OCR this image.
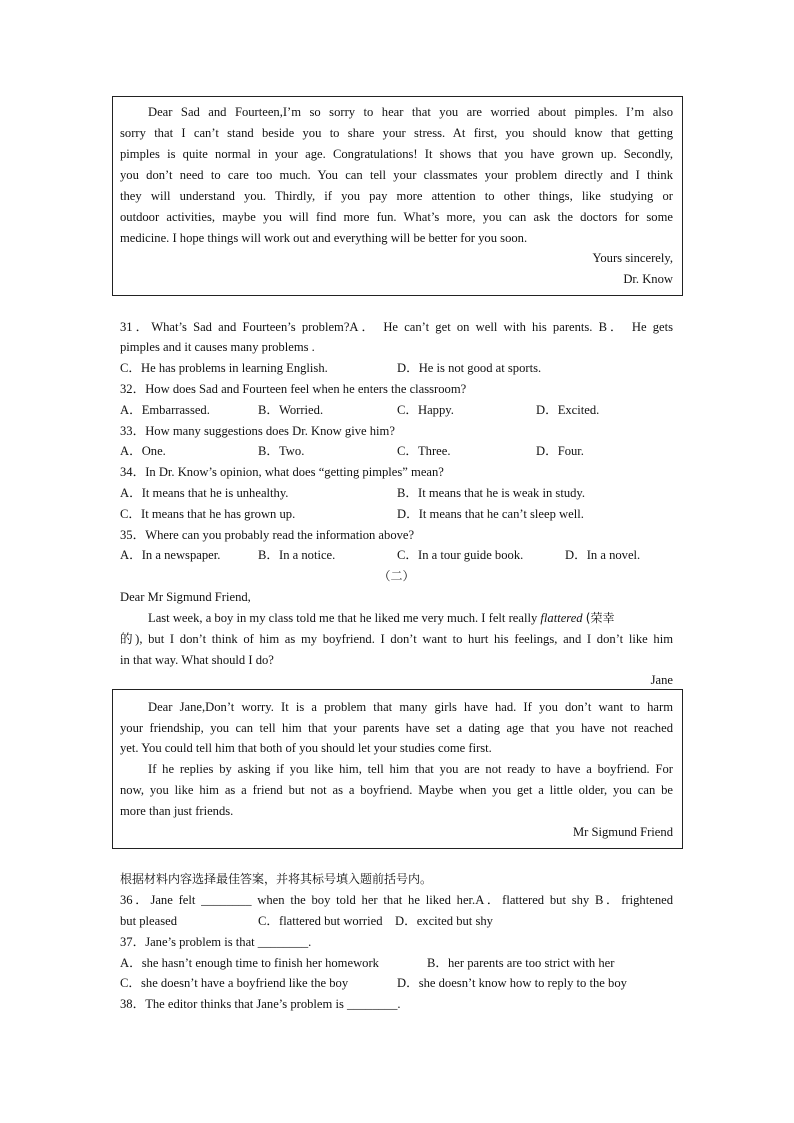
Dear Sad and Fourteen,I’m so sorry to hear that you are worried about pimples. I’m also
sorry that I can’t stand beside you to share your stress. At first, you should know that getting
pimples is quite normal in your age. Congratulations! It shows that you have grown up. Secondly,
you don’t need to care too much. You can tell your classmates your problem directly and I think
they will understand you. Thirdly, if you pay more attention to other things, like studying or
outdoor activities, maybe you will find more fun. What’s more, you can ask the doctors for some
medicine. I hope things will work out and everything will be better for you soon.
Yours sincerely,
Dr. Know
31．What’s Sad and Fourteen’s problem?A． He can’t get on well with his parents. B． He gets
pimples and it causes many problems .
C．He has problems in learning English.	D．He is not good at sports.
32．How does Sad and Fourteen feel when he enters the classroom?
A．Embarrassed.	B．Worried.	C．Happy.	D．Excited.
33．How many suggestions does Dr. Know give him?
A．One.	B．Two.	C．Three.	D．Four.
34．In Dr. Know’s opinion, what does “getting pimples” mean?
A．It means that he is unhealthy.	B．It means that he is weak in study.
C．It means that he has grown up.	D．It means that he can’t sleep well.
35．Where can you probably read the information above?
A．In a newspaper.	B．In a notice.	C．In a tour guide book.	D．In a novel.
（二）
Dear Mr Sigmund Friend,
Last week, a boy in my class told me that he liked me very much. I felt really flattered (荣幸
的), but I don’t think of him as my boyfriend. I don’t want to hurt his feelings, and I don’t like him
in that way. What should I do?
Jane
Dear Jane,Don’t worry. It is a problem that many girls have had. If you don’t want to harm
your friendship, you can tell him that your parents have set a dating age that you have not reached
yet. You could tell him that both of you should let your studies come first.
If he replies by asking if you like him, tell him that you are not ready to have a boyfriend. For
now, you like him as a friend but not as a boyfriend. Maybe when you get a little older, you can be
more than just friends.
Mr Sigmund Friend
根据材料内容选择最佳答案，并将其标号填入题前括号内。
36．Jane felt ________ when the boy told her that he liked her.A．flattered but shy B．frightened
but pleased	C．flattered but worried D．excited but shy
37．Jane’s problem is that ________.
A．she hasn’t enough time to finish her homework	B．her parents are too strict with her
C．she doesn’t have a boyfriend like the boy	D．she doesn’t know how to reply to the boy
38．The editor thinks that Jane’s problem is ________.
